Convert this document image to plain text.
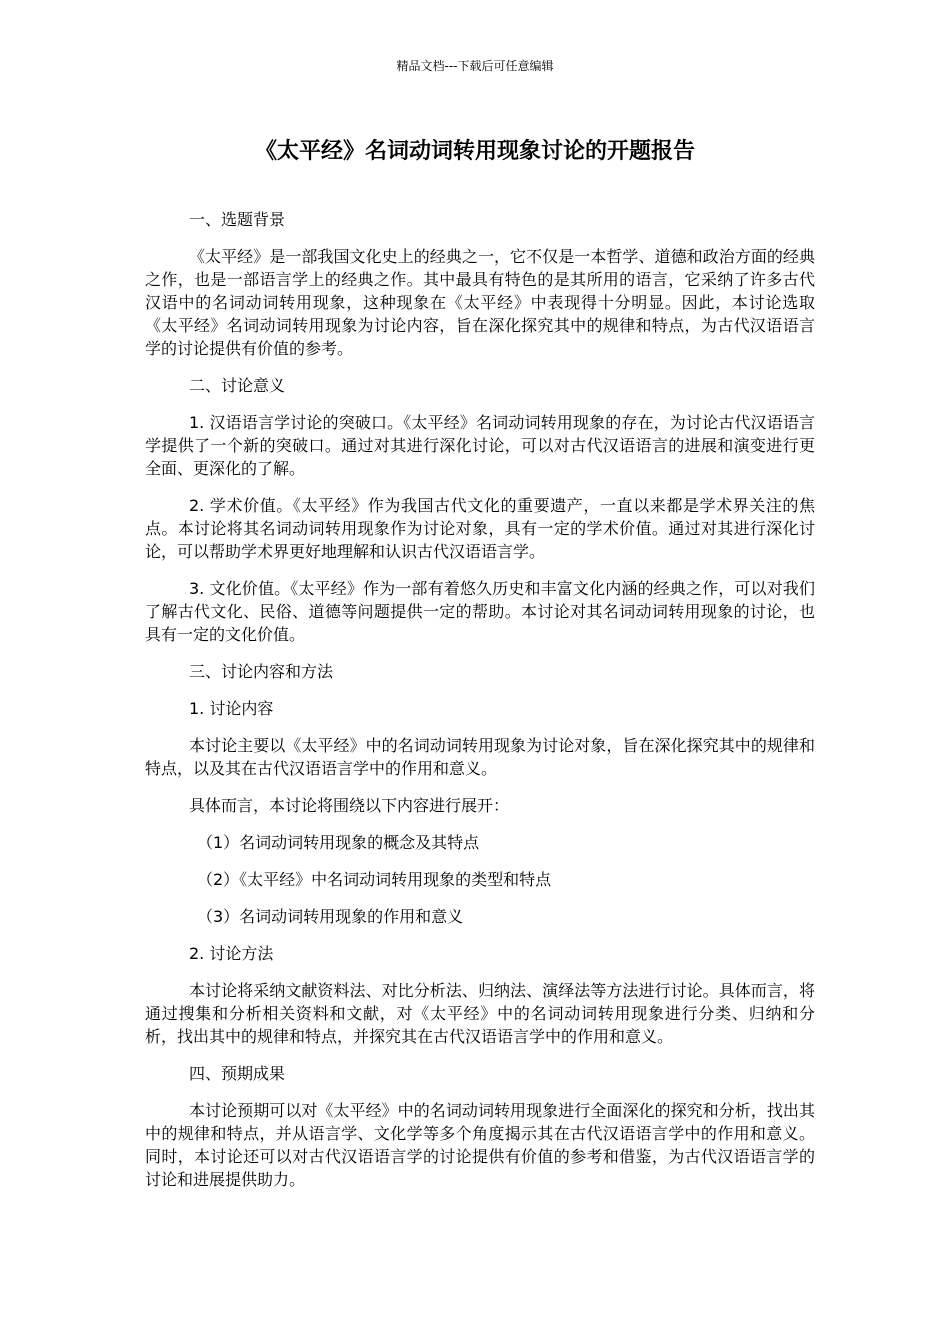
精品文档---下载后可任意编辑
《太平经》名词动词转用现象讨论的开题报告

一、选题背景

《太平经》是一部我国文化史上的经典之一，它不仅是一本哲学、道德和政治方面的经典之作，也是一部语言学上的经典之作。其中最具有特色的是其所用的语言，它采纳了许多古代汉语中的名词动词转用现象，这种现象在《太平经》中表现得十分明显。因此，本讨论选取《太平经》名词动词转用现象为讨论内容，旨在深化探究其中的规律和特点，为古代汉语语言学的讨论提供有价值的参考。

二、讨论意义

1. 汉语语言学讨论的突破口。《太平经》名词动词转用现象的存在，为讨论古代汉语语言学提供了一个新的突破口。通过对其进行深化讨论，可以对古代汉语语言的进展和演变进行更全面、更深化的了解。

2. 学术价值。《太平经》作为我国古代文化的重要遗产，一直以来都是学术界关注的焦点。本讨论将其名词动词转用现象作为讨论对象，具有一定的学术价值。通过对其进行深化讨论，可以帮助学术界更好地理解和认识古代汉语语言学。

3. 文化价值。《太平经》作为一部有着悠久历史和丰富文化内涵的经典之作，可以对我们了解古代文化、民俗、道德等问题提供一定的帮助。本讨论对其名词动词转用现象的讨论，也具有一定的文化价值。

三、讨论内容和方法

1. 讨论内容

本讨论主要以《太平经》中的名词动词转用现象为讨论对象，旨在深化探究其中的规律和特点，以及其在古代汉语语言学中的作用和意义。

具体而言，本讨论将围绕以下内容进行展开：

（1）名词动词转用现象的概念及其特点

（2）《太平经》中名词动词转用现象的类型和特点

（3）名词动词转用现象的作用和意义

2. 讨论方法

本讨论将采纳文献资料法、对比分析法、归纳法、演绎法等方法进行讨论。具体而言，将通过搜集和分析相关资料和文献，对《太平经》中的名词动词转用现象进行分类、归纳和分析，找出其中的规律和特点，并探究其在古代汉语语言学中的作用和意义。

四、预期成果

本讨论预期可以对《太平经》中的名词动词转用现象进行全面深化的探究和分析，找出其中的规律和特点，并从语言学、文化学等多个角度揭示其在古代汉语语言学中的作用和意义。同时，本讨论还可以对古代汉语语言学的讨论提供有价值的参考和借鉴，为古代汉语语言学的讨论和进展提供助力。
